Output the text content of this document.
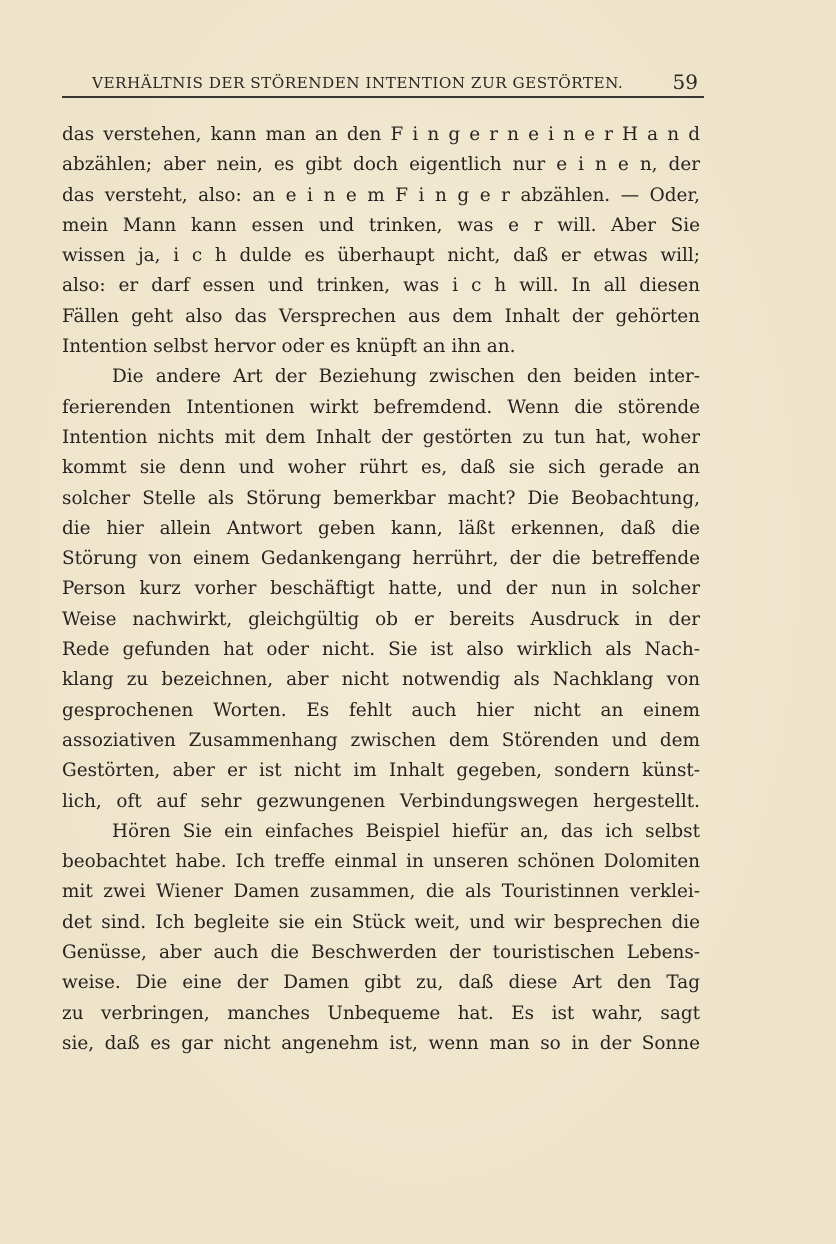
VERHÄLTNIS DER STÖRENDEN INTENTION ZUR GESTÖRTEN. 59
das verstehen, kann man an den F i n g e r n e i n e r H a n d
abzählen; aber nein, es gibt doch eigentlich nur e i n e n, der
das versteht, also: an e i n e m F i n g e r abzählen. — Oder,
mein Mann kann essen und trinken, was e r will. Aber Sie
wissen ja, i c h dulde es überhaupt nicht, daß er etwas will;
also: er darf essen und trinken, was i c h will. In all diesen
Fällen geht also das Versprechen aus dem Inhalt der gehörten
Intention selbst hervor oder es knüpft an ihn an.
Die andere Art der Beziehung zwischen den beiden inter-
ferierenden Intentionen wirkt befremdend. Wenn die störende
Intention nichts mit dem Inhalt der gestörten zu tun hat, woher
kommt sie denn und woher rührt es, daß sie sich gerade an
solcher Stelle als Störung bemerkbar macht? Die Beobachtung,
die hier allein Antwort geben kann, läßt erkennen, daß die
Störung von einem Gedankengang herrührt, der die betreffende
Person kurz vorher beschäftigt hatte, und der nun in solcher
Weise nachwirkt, gleichgültig ob er bereits Ausdruck in der
Rede gefunden hat oder nicht. Sie ist also wirklich als Nach-
klang zu bezeichnen, aber nicht notwendig als Nachklang von
gesprochenen Worten. Es fehlt auch hier nicht an einem
assoziativen Zusammenhang zwischen dem Störenden und dem
Gestörten, aber er ist nicht im Inhalt gegeben, sondern künst-
lich, oft auf sehr gezwungenen Verbindungswegen hergestellt.
Hören Sie ein einfaches Beispiel hiefür an, das ich selbst
beobachtet habe. Ich treffe einmal in unseren schönen Dolomiten
mit zwei Wiener Damen zusammen, die als Touristinnen verklei-
det sind. Ich begleite sie ein Stück weit, und wir besprechen die
Genüsse, aber auch die Beschwerden der touristischen Lebens-
weise. Die eine der Damen gibt zu, daß diese Art den Tag
zu verbringen, manches Unbequeme hat. Es ist wahr, sagt
sie, daß es gar nicht angenehm ist, wenn man so in der Sonne
